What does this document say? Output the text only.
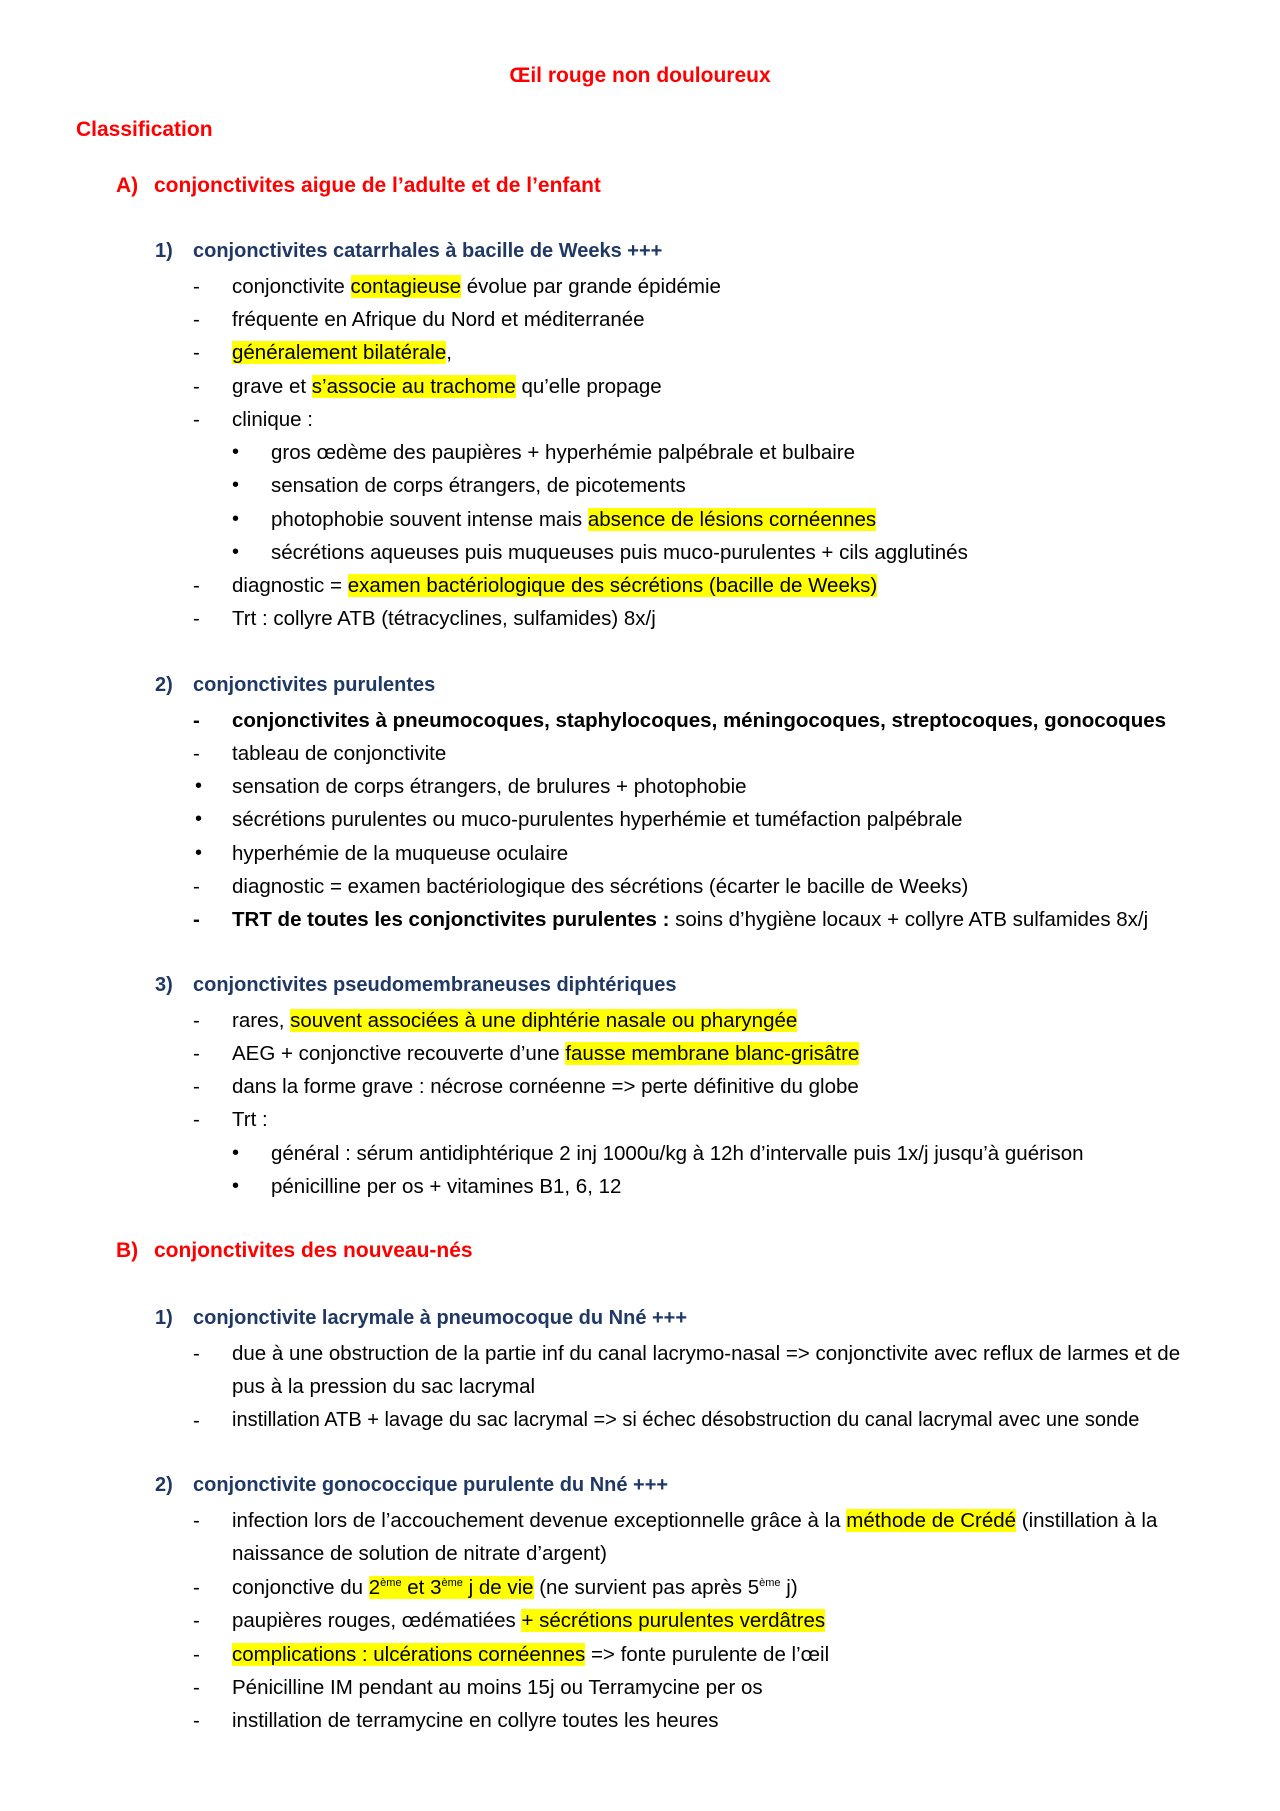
Œil rouge non douloureux
Classification
A) conjonctivites aigue de l’adulte et de l’enfant
1) conjonctivites catarrhales à bacille de Weeks +++
-	conjonctivite contagieuse évolue par grande épidémie
-	fréquente en Afrique du Nord et méditerranée
-	généralement bilatérale,
-	grave et s’associe au trachome qu’elle propage
-	clinique :
• gros œdème des paupières + hyperhémie palpébrale et bulbaire
• sensation de corps étrangers, de picotements
• photophobie souvent intense mais absence de lésions cornéennes
• sécrétions aqueuses puis muqueuses puis muco-purulentes + cils agglutinés
-	diagnostic = examen bactériologique des sécrétions (bacille de Weeks)
-	Trt : collyre ATB (tétracyclines, sulfamides) 8x/j
2) conjonctivites purulentes
-	conjonctivites à pneumocoques, staphylocoques, méningocoques, streptocoques, gonocoques
-	tableau de conjonctivite
• sensation de corps étrangers, de brulures + photophobie
• sécrétions purulentes ou muco-purulentes hyperhémie et tuméfaction palpébrale
• hyperhémie de la muqueuse oculaire
-	diagnostic = examen bactériologique des sécrétions (écarter le bacille de Weeks)
-	TRT de toutes les conjonctivites purulentes : soins d’hygiène locaux + collyre ATB sulfamides 8x/j
3) conjonctivites pseudomembraneuses diphtériques
-	rares, souvent associées à une diphtérie nasale ou pharyngée
-	AEG + conjonctive recouverte d’une fausse membrane blanc-grisâtre
-	dans la forme grave : nécrose cornéenne => perte définitive du globe
-	Trt :
• général : sérum antidiphtérique 2 inj 1000u/kg à 12h d’intervalle puis 1x/j jusqu’à guérison
• pénicilline per os + vitamines B1, 6, 12
B) conjonctivites des nouveau-nés
1) conjonctivite lacrymale à pneumocoque du Nné +++
-	due à une obstruction de la partie inf du canal lacrymo-nasal => conjonctivite avec reflux de larmes et de pus à la pression du sac lacrymal
-	instillation ATB + lavage du sac lacrymal => si échec désobstruction du canal lacrymal avec une sonde
2) conjonctivite gonococcique purulente du Nné +++
-	infection lors de l’accouchement devenue exceptionnelle grâce à la méthode de Crédé (instillation à la naissance de solution de nitrate d’argent)
-	conjonctive du 2ème et 3ème j de vie (ne survient pas après 5ème j)
-	paupières rouges, œdématiées + sécrétions purulentes verdâtres
-	complications : ulcérations cornéennes => fonte purulente de l’œil
-	Pénicilline IM pendant au moins 15j ou Terramycine per os
-	instillation de terramycine en collyre toutes les heures
